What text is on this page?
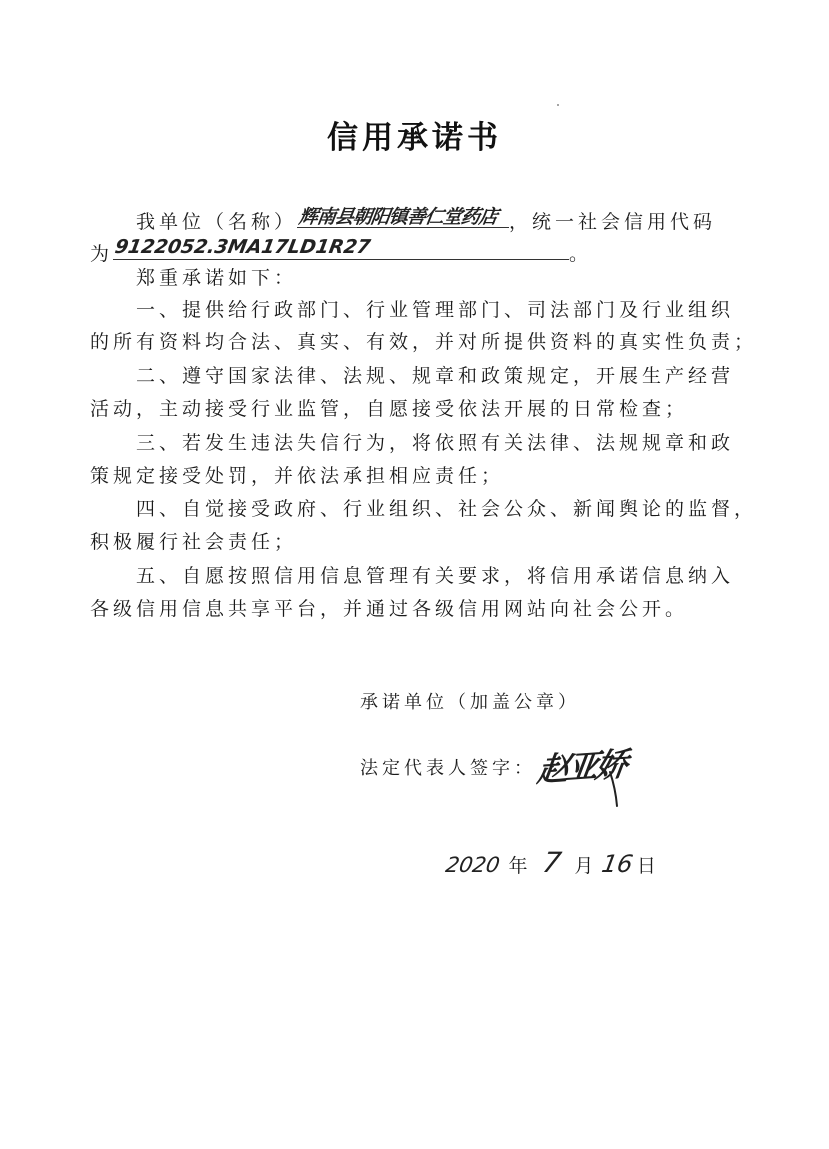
信用承诺书
我单位（名称） 辉南县朝阳镇善仁堂药店 ，统一社会信用代码
为 9122052.3MA17LD1R27	。
郑重承诺如下：
一、提供给行政部门、行业管理部门、司法部门及行业组织
的所有资料均合法、真实、有效，并对所提供资料的真实性负责；
二、遵守国家法律、法规、规章和政策规定，开展生产经营
活动，主动接受行业监管，自愿接受依法开展的日常检查；
三、若发生违法失信行为，将依照有关法律、法规规章和政
策规定接受处罚，并依法承担相应责任；
四、自觉接受政府、行业组织、社会公众、新闻舆论的监督，
积极履行社会责任；
五、自愿按照信用信息管理有关要求，将信用承诺信息纳入
各级信用信息共享平台，并通过各级信用网站向社会公开。
承诺单位（加盖公章）
法定代表人签字： 赵亚娇
2020 年 7 月 16日
